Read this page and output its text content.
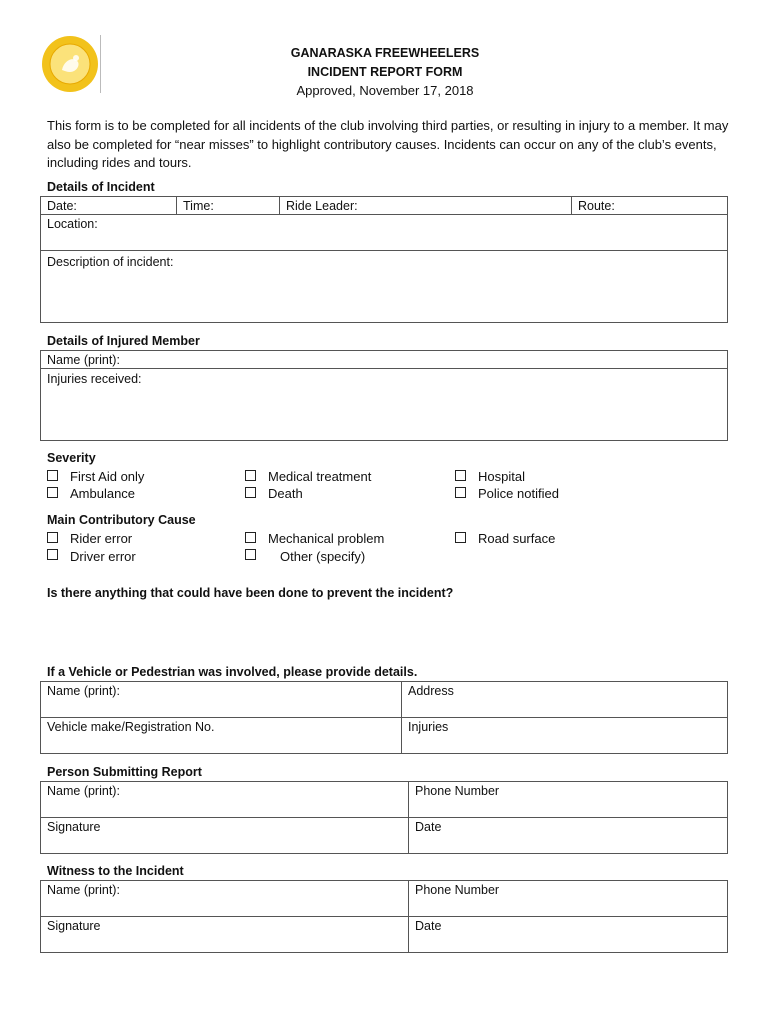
GANARASKA FREEWHEELERS
INCIDENT REPORT FORM
Approved, November 17, 2018
This form is to be completed for all incidents of the club involving third parties, or resulting in injury to a member. It may also be completed for “near misses” to highlight contributory causes. Incidents can occur on any of the club’s events, including rides and tours.
Details of Incident
Date:	Time:	Ride Leader:	Route:
Location:
Description of incident:
Details of Injured Member
Name (print):
Injuries received:
Severity
First Aid only
Ambulance
Medical treatment
Death
Hospital
Police notified
Main Contributory Cause
Rider error
Driver error
Mechanical problem
Other (specify)
Road surface
Is there anything that could have been done to prevent the incident?
If a Vehicle or Pedestrian was involved, please provide details.
Name (print):	Address
Vehicle make/Registration No.	Injuries
Person Submitting Report
Name (print):	Phone Number
Signature	Date
Witness to the Incident
Name (print):	Phone Number
Signature	Date
